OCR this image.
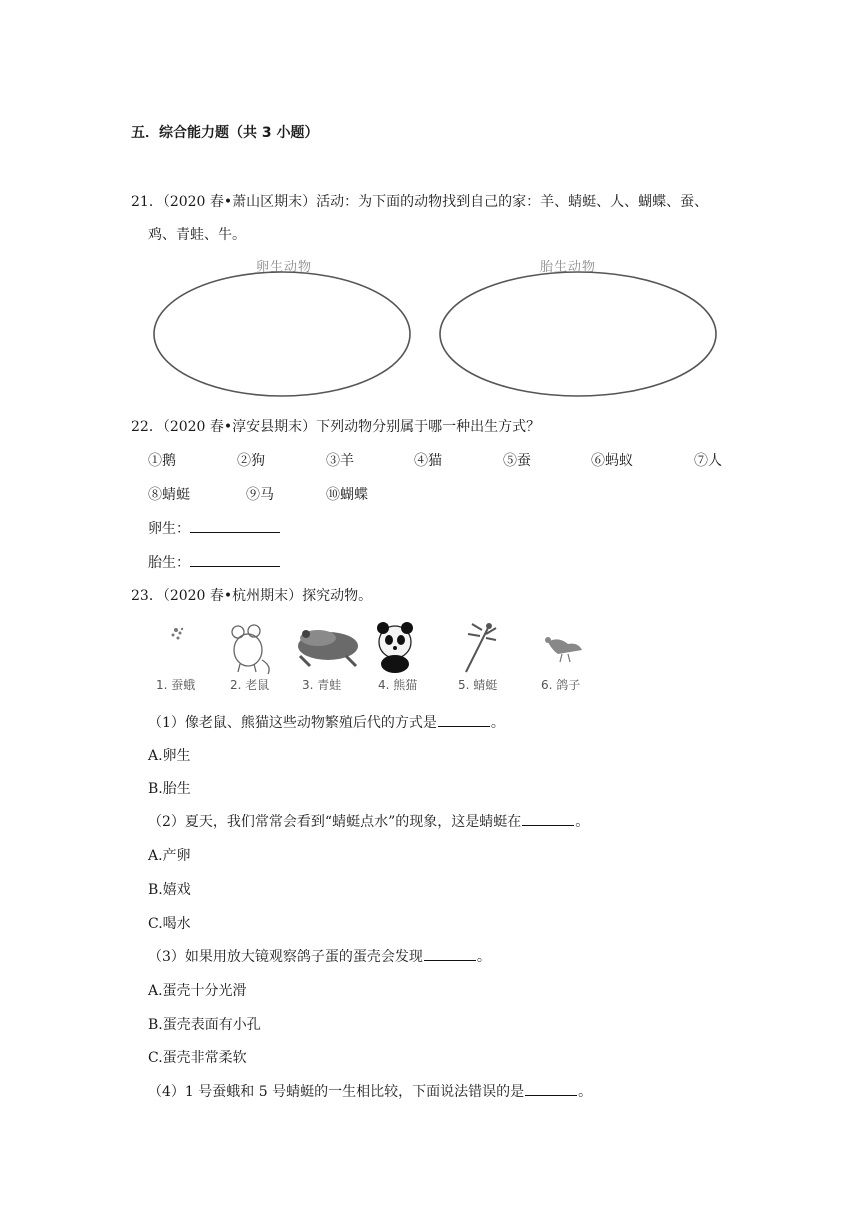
五．综合能力题（共 3 小题）
21．（2020 春•萧山区期末）活动：为下面的动物找到自己的家：羊、蜻蜓、人、蝴蝶、蚕、
鸡、青蛙、牛。
卵生动物	胎生动物
22．（2020 春•淳安县期末）下列动物分别属于哪一种出生方式？
①鹅	②狗	③羊	④猫	⑤蚕	⑥蚂蚁	⑦人
⑧蜻蜓	⑨马	⑩蝴蝶
卵生：
胎生：
23．（2020 春•杭州期末）探究动物。
1. 蚕蛾	2. 老鼠	3. 青蛙	4. 熊猫	5. 蜻蜓	6. 鸽子
（1）像老鼠、熊猫这些动物繁殖后代的方式是	。
A.卵生
B.胎生
（2）夏天，我们常常会看到“蜻蜓点水”的现象，这是蜻蜓在	。
A.产卵
B.嬉戏
C.喝水
（3）如果用放大镜观察鸽子蛋的蛋壳会发现	。
A.蛋壳十分光滑
B.蛋壳表面有小孔
C.蛋壳非常柔软
（4）1 号蚕蛾和 5 号蜻蜓的一生相比较，下面说法错误的是	。
